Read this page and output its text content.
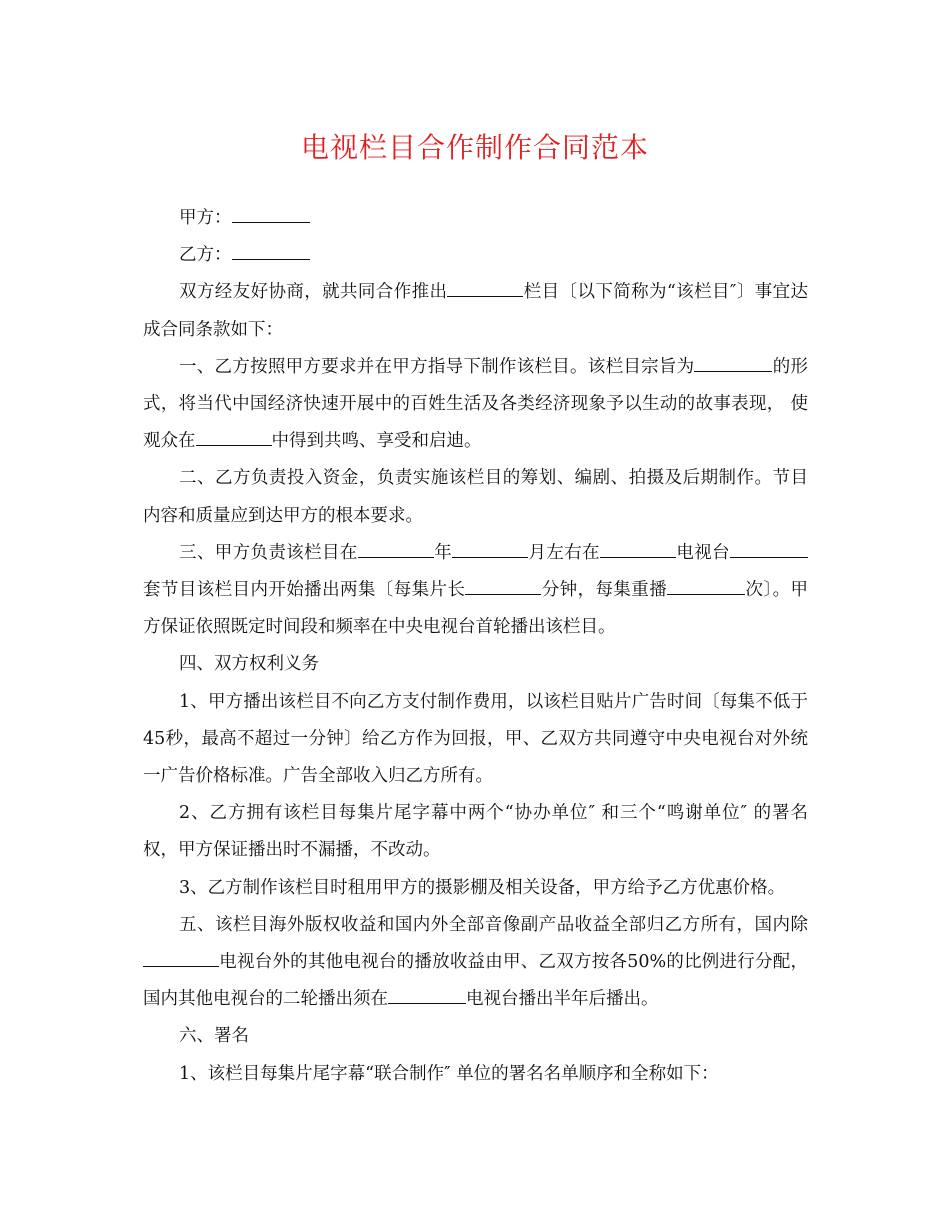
电视栏目合作制作合同范本

甲方：

乙方：

双方经友好协商，就共同合作推出	栏目〔以下简称为“该栏目″〕事宜达成合同条款如下：

一、乙方按照甲方要求并在甲方指导下制作该栏目。该栏目宗旨为	的形式，将当代中国经济快速开展中的百姓生活及各类经济现象予以生动的故事表现， 使观众在	中得到共鸣、享受和启迪。

二、乙方负责投入资金，负责实施该栏目的筹划、编剧、拍摄及后期制作。节目内容和质量应到达甲方的根本要求。

三、甲方负责该栏目在	年	月左右在	电视台套节目该栏目内开始播出两集〔每集片长	分钟，每集重播	次〕。甲方保证依照既定时间段和频率在中央电视台首轮播出该栏目。

四、双方权利义务

1、甲方播出该栏目不向乙方支付制作费用，以该栏目贴片广告时间〔每集不低于45秒，最高不超过一分钟〕给乙方作为回报，甲、乙双方共同遵守中央电视台对外统一广告价格标准。广告全部收入归乙方所有。

2、乙方拥有该栏目每集片尾字幕中两个“协办单位″ 和三个“鸣谢单位″ 的署名权，甲方保证播出时不漏播，不改动。

3、乙方制作该栏目时租用甲方的摄影棚及相关设备，甲方给予乙方优惠价格。

五、该栏目海外版权收益和国内外全部音像副产品收益全部归乙方所有，国内除电视台外的其他电视台的播放收益由甲、乙双方按各50%的比例进行分配，国内其他电视台的二轮播出须在	电视台播出半年后播出。

六、署名

1、该栏目每集片尾字幕“联合制作″ 单位的署名名单顺序和全称如下：
